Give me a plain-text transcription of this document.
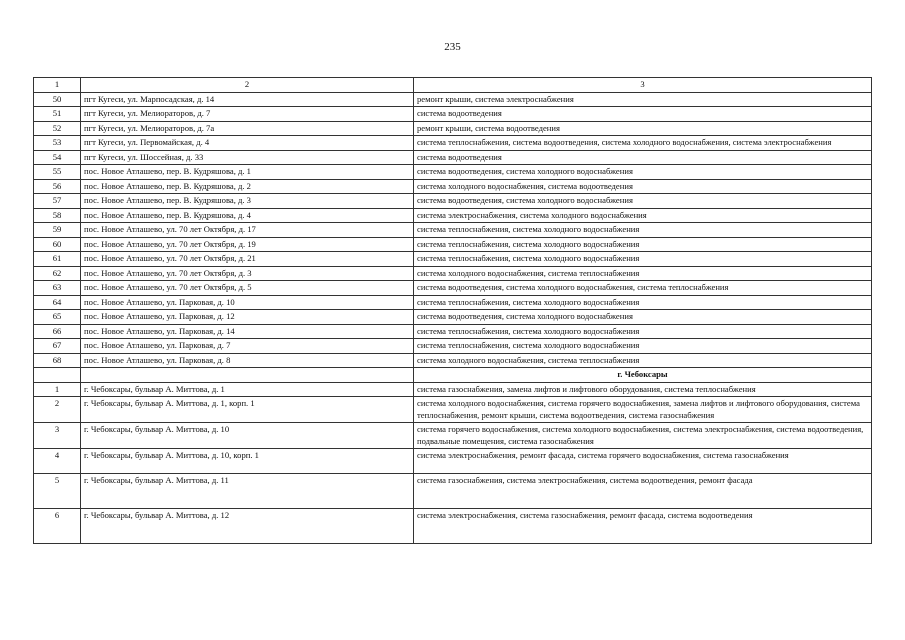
235
1	2	3
50	пгт Кугеси, ул. Марпосадская, д. 14	ремонт крыши, система электроснабжения
51	пгт Кугеси, ул. Мелиораторов, д. 7	система водоотведения
52	пгт Кугеси, ул. Мелиораторов, д. 7а	ремонт крыши, система водоотведения
53	пгт Кугеси, ул. Первомайская, д. 4	система теплоснабжения, система водоотведения, система холодного водоснабжения, система электроснабжения
54	пгт Кугеси, ул. Шоссейная, д. 33	система водоотведения
55	пос. Новое Атлашево, пер. В. Кудряшова, д. 1	система водоотведения, система холодного водоснабжения
56	пос. Новое Атлашево, пер. В. Кудряшова, д. 2	система холодного водоснабжения, система водоотведения
57	пос. Новое Атлашево, пер. В. Кудряшова, д. 3	система водоотведения, система холодного водоснабжения
58	пос. Новое Атлашево, пер. В. Кудряшова, д. 4	система электроснабжения, система холодного водоснабжения
59	пос. Новое Атлашево, ул. 70 лет Октября, д. 17	система теплоснабжения, система холодного водоснабжения
60	пос. Новое Атлашево, ул. 70 лет Октября, д. 19	система теплоснабжения, система холодного водоснабжения
61	пос. Новое Атлашево, ул. 70 лет Октября, д. 21	система теплоснабжения, система холодного водоснабжения
62	пос. Новое Атлашево, ул. 70 лет Октября, д. 3	система холодного водоснабжения, система теплоснабжения
63	пос. Новое Атлашево, ул. 70 лет Октября, д. 5	система водоотведения, система холодного водоснабжения, система теплоснабжения
64	пос. Новое Атлашево, ул. Парковая, д. 10	система теплоснабжения, система холодного водоснабжения
65	пос. Новое Атлашево, ул. Парковая, д. 12	система водоотведения, система холодного водоснабжения
66	пос. Новое Атлашево, ул. Парковая, д. 14	система теплоснабжения, система холодного водоснабжения
67	пос. Новое Атлашево, ул. Парковая, д. 7	система теплоснабжения, система холодного водоснабжения
68	пос. Новое Атлашево, ул. Парковая, д. 8	система холодного водоснабжения, система теплоснабжения
		г. Чебоксары
1	г. Чебоксары, бульвар А. Миттова, д. 1	система газоснабжения, замена лифтов и лифтового оборудования, система теплоснабжения
2	г. Чебоксары, бульвар А. Миттова, д. 1, корп. 1	система холодного водоснабжения, система горячего водоснабжения, замена лифтов и лифтового оборудования, система теплоснабжения, ремонт крыши, система водоотведения, система газоснабжения
3	г. Чебоксары, бульвар А. Миттова, д. 10	система горячего водоснабжения, система холодного водоснабжения, система электроснабжения, система водоотведения, подвальные помещения, система газоснабжения
4	г. Чебоксары, бульвар А. Миттова, д. 10, корп. 1	система электроснабжения, ремонт фасада, система горячего водоснабжения, система газоснабжения
5	г. Чебоксары, бульвар А. Миттова, д. 11	система газоснабжения, система электроснабжения, система водоотведения, ремонт фасада
6	г. Чебоксары, бульвар А. Миттова, д. 12	система электроснабжения, система газоснабжения, ремонт фасада, система водоотведения
